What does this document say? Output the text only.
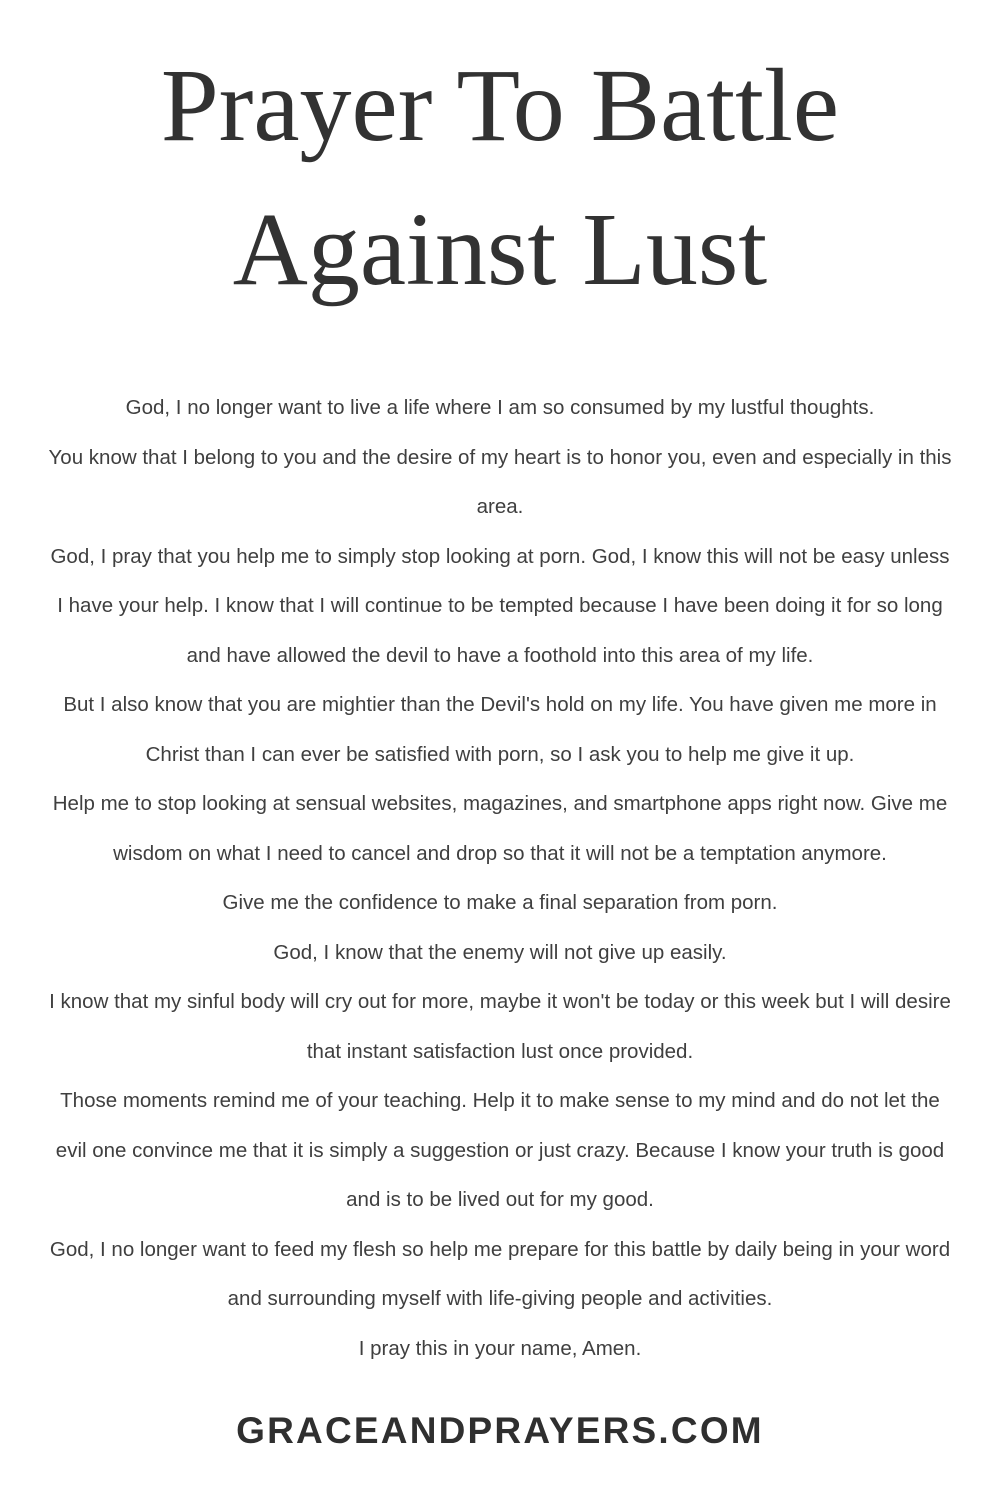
Prayer To Battle Against Lust

God, I no longer want to live a life where I am so consumed by my lustful thoughts.

You know that I belong to you and the desire of my heart is to honor you, even and especially in this area.

God, I pray that you help me to simply stop looking at porn. God, I know this will not be easy unless I have your help. I know that I will continue to be tempted because I have been doing it for so long and have allowed the devil to have a foothold into this area of my life.

But I also know that you are mightier than the Devil's hold on my life. You have given me more in Christ than I can ever be satisfied with porn, so I ask you to help me give it up.

Help me to stop looking at sensual websites, magazines, and smartphone apps right now. Give me wisdom on what I need to cancel and drop so that it will not be a temptation anymore.

Give me the confidence to make a final separation from porn.

God, I know that the enemy will not give up easily.

I know that my sinful body will cry out for more, maybe it won't be today or this week but I will desire that instant satisfaction lust once provided.

Those moments remind me of your teaching. Help it to make sense to my mind and do not let the evil one convince me that it is simply a suggestion or just crazy. Because I know your truth is good and is to be lived out for my good.

God, I no longer want to feed my flesh so help me prepare for this battle by daily being in your word and surrounding myself with life-giving people and activities.

I pray this in your name, Amen.

GRACEANDPRAYERS.COM
